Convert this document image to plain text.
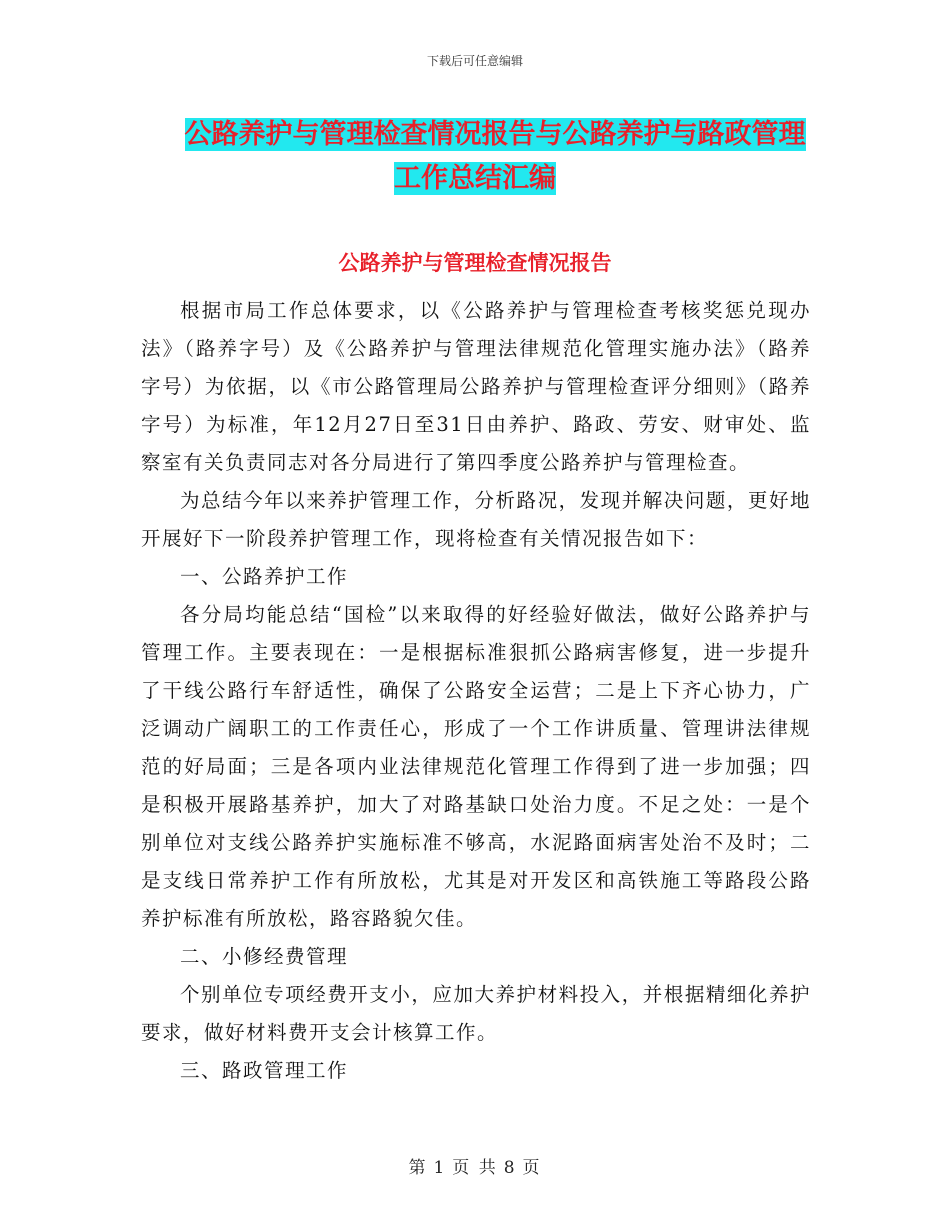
下载后可任意编辑
公路养护与管理检查情况报告与公路养护与路政管理
工作总结汇编
公路养护与管理检查情况报告

根据市局工作总体要求，以《公路养护与管理检查考核奖惩兑现办法》（路养字号）及《公路养护与管理法律规范化管理实施办法》（路养字号）为依据，以《市公路管理局公路养护与管理检查评分细则》（路养字号）为标准，年12月27日至31日由养护、路政、劳安、财审处、监察室有关负责同志对各分局进行了第四季度公路养护与管理检查。

为总结今年以来养护管理工作，分析路况，发现并解决问题，更好地开展好下一阶段养护管理工作，现将检查有关情况报告如下：

一、公路养护工作

各分局均能总结“国检”以来取得的好经验好做法，做好公路养护与管理工作。主要表现在：一是根据标准狠抓公路病害修复，进一步提升了干线公路行车舒适性，确保了公路安全运营；二是上下齐心协力，广泛调动广阔职工的工作责任心，形成了一个工作讲质量、管理讲法律规范的好局面；三是各项内业法律规范化管理工作得到了进一步加强；四是积极开展路基养护，加大了对路基缺口处治力度。不足之处：一是个别单位对支线公路养护实施标准不够高，水泥路面病害处治不及时；二是支线日常养护工作有所放松，尤其是对开发区和高铁施工等路段公路养护标准有所放松，路容路貌欠佳。

二、小修经费管理

个别单位专项经费开支小，应加大养护材料投入，并根据精细化养护要求，做好材料费开支会计核算工作。

三、路政管理工作

第 1 页 共 8 页
